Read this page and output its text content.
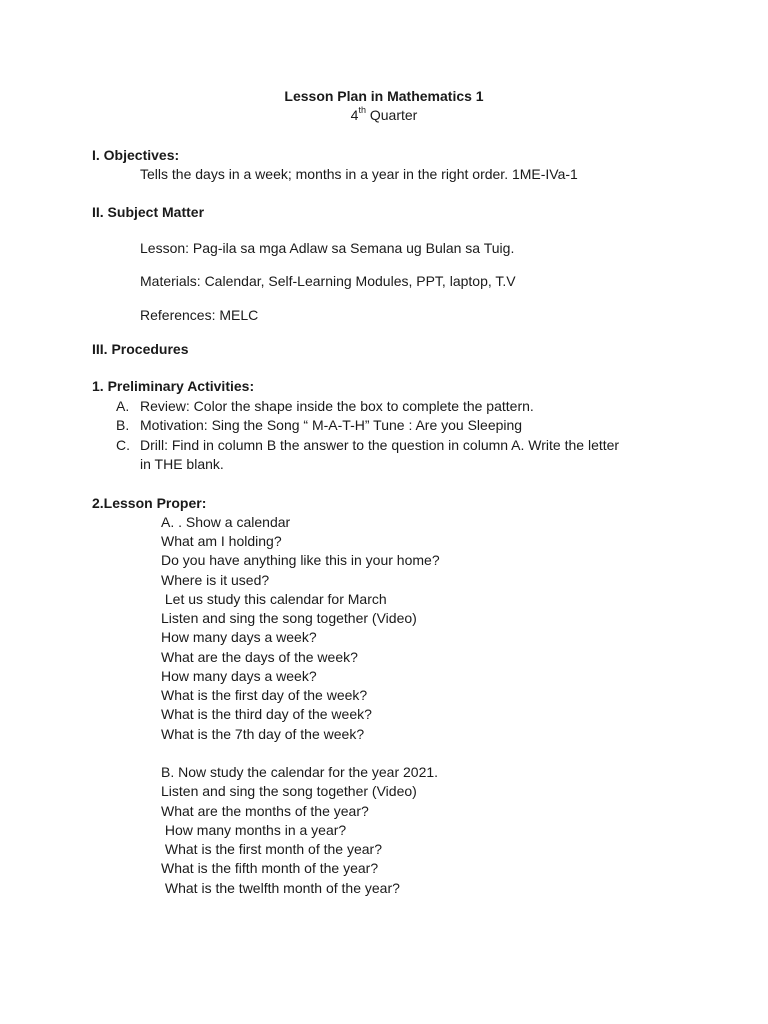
Lesson Plan in Mathematics 1
4th Quarter
I. Objectives:
Tells the days in a week; months in a year in the right order. 1ME-IVa-1
II. Subject Matter
Lesson: Pag-ila sa mga Adlaw sa Semana ug Bulan sa Tuig.
Materials: Calendar, Self-Learning Modules, PPT, laptop, T.V
References: MELC
III. Procedures
1. Preliminary Activities:
A. Review: Color the shape inside the box to complete the pattern.
B. Motivation: Sing the Song “ M-A-T-H” Tune : Are you Sleeping
C. Drill: Find in column B the answer to the question in column A. Write the letter
in THE blank.
2.Lesson Proper:
A. . Show a calendar
What am I holding?
Do you have anything like this in your home?
Where is it used?
Let us study this calendar for March
Listen and sing the song together (Video)
How many days a week?
What are the days of the week?
How many days a week?
What is the first day of the week?
What is the third day of the week?
What is the 7th day of the week?
B. Now study the calendar for the year 2021.
Listen and sing the song together (Video)
What are the months of the year?
How many months in a year?
What is the first month of the year?
What is the fifth month of the year?
What is the twelfth month of the year?
